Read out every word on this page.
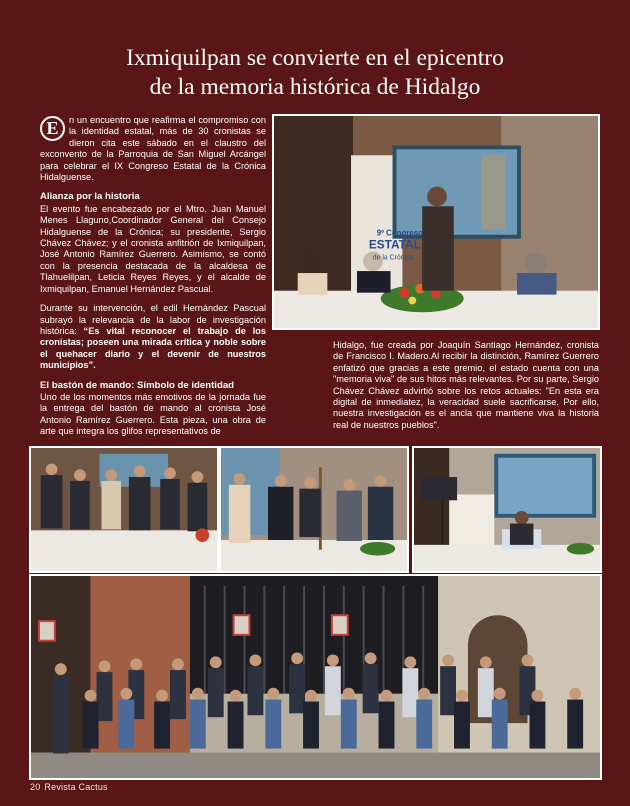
Ixmiquilpan se convierte en el epicentro
de la memoria histórica de Hidalgo

E	n un encuentro que reafirma el compromiso con la identidad estatal, más de 30 cronistas se dieron cita este sábado en el claustro del exconvento de la Parroquia de San Miguel Arcángel para celebrar el IX Congreso Estatal de la Crónica Hidalguense.

Alianza por la historia

El evento fue encabezado por el Mtro. Juan Manuel Menes Llaguno,Coordinador General del Consejo Hidalguense de la Crónica; su presidente, Sergio Chávez Chávez; y el cronista anfitrión de Ixmiquilpan, José Antonio Ramírez Guerrero. Asimismo, se contó con la presencia destacada de la alcaldesa de Tlahuelilpan, Leticia Reyes Reyes, y el alcalde de Ixmiquilpan, Emanuel Hernández Pascual.

Durante su intervención, el edil Hernández Pascual subrayó la relevancia de la labor de investigación histórica: “Es vital reconocer el trabajo de los cronistas; poseen una mirada crítica y noble sobre el quehacer diario y el devenir de nuestros municipios”.

El bastón de mando: Símbolo de identidad

Uno de los momentos más emotivos de la jornada fue la entrega del bastón de mando al cronista José Antonio Ramírez Guerrero. Esta pieza, una obra de arte que integra los glifos representativos de

Hidalgo, fue creada por Joaquín Santiago Hernández, cronista de Francisco I. Madero.Al recibir la distinción, Ramírez Guerrero enfatizó que gracias a este gremio, el estado cuenta con una "memoria viva" de sus hitos más relevantes. Por su parte, Sergio Chávez Chávez advirtió sobre los retos actuales: "En esta era digital de inmediatez, la veracidad suele sacrificarse. Por ello, nuestra investigación es el ancla que mantiene viva la historia real de nuestros pueblos".

9º Congreso
ESTATAL
de la Crónica
20 Revista Cactus
